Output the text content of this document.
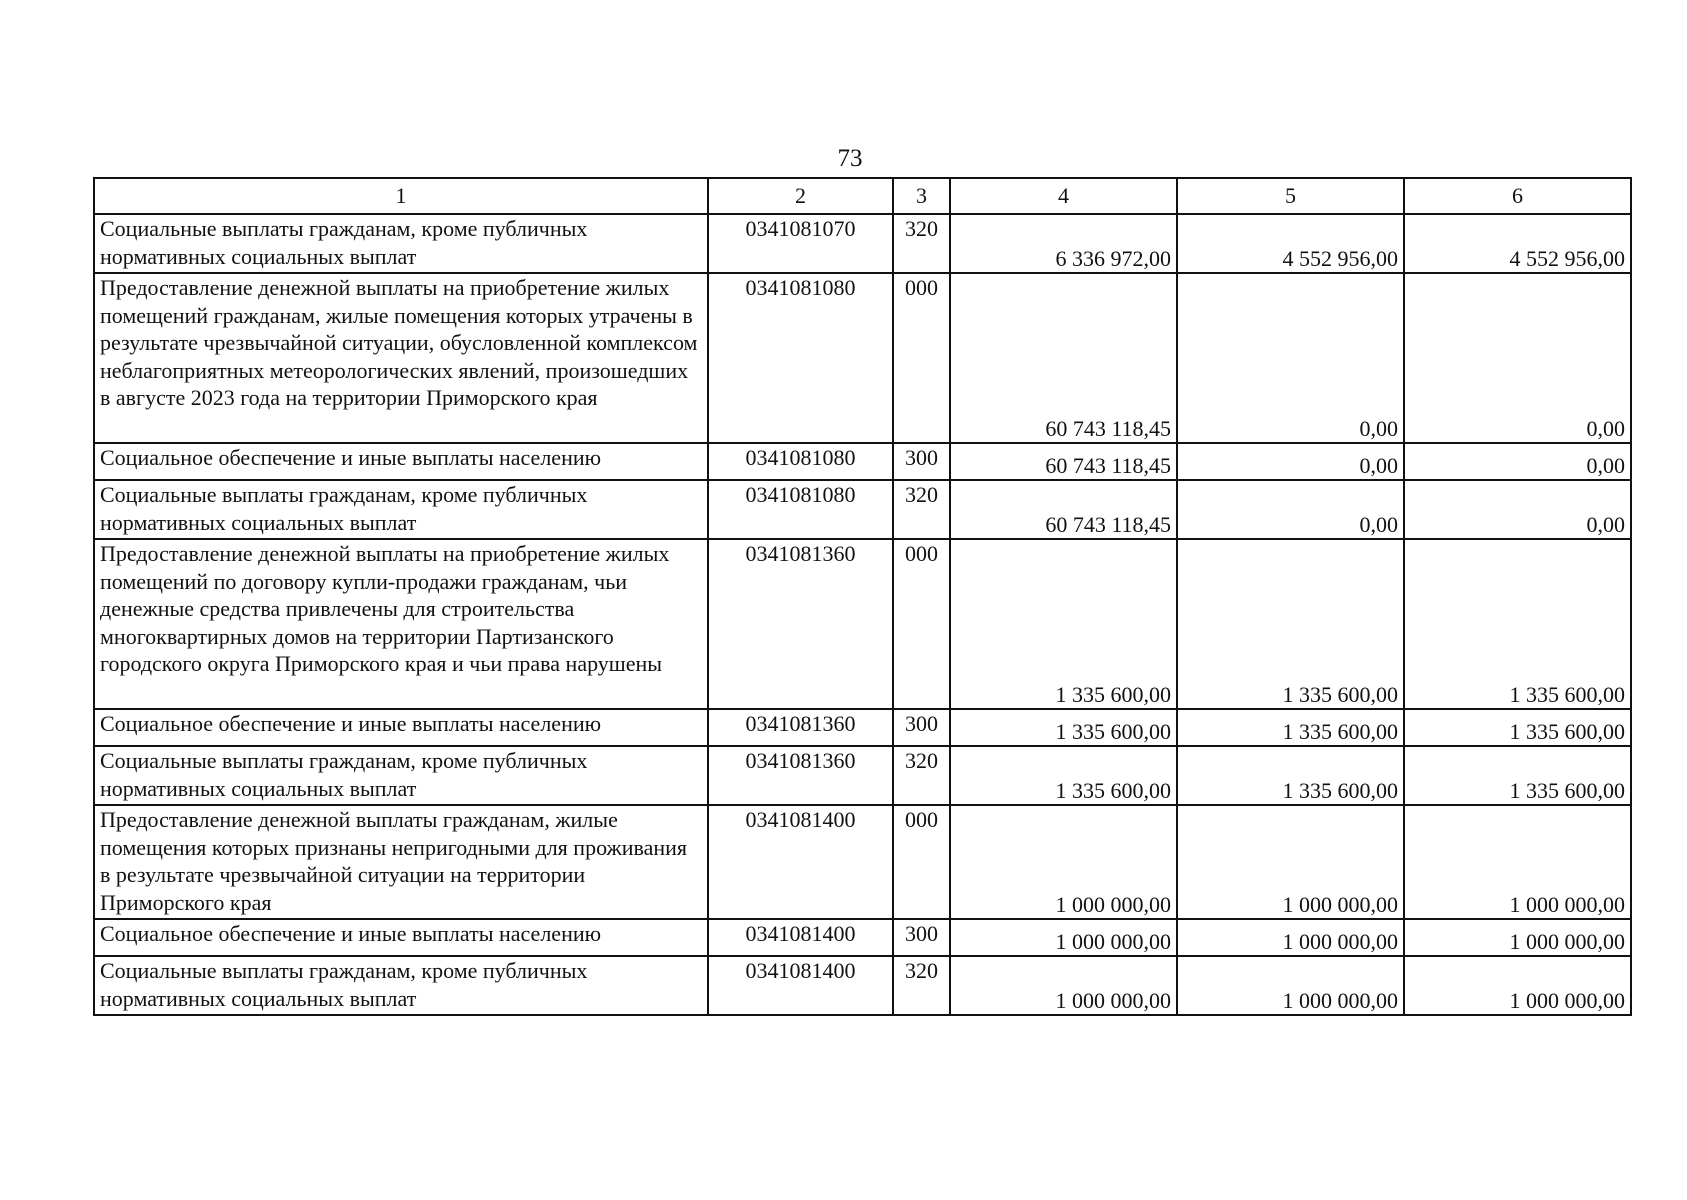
73
1	2	3	4	5	6
Социальные выплаты гражданам, кроме публичных нормативных социальных выплат	0341081070	320	6 336 972,00	4 552 956,00	4 552 956,00
Предоставление денежной выплаты на приобретение жилых помещений гражданам, жилые помещения которых утрачены в результате чрезвычайной ситуации, обусловленной комплексом неблагоприятных метеорологических явлений, произошедших в августе 2023 года на территории Приморского края	0341081080	000	60 743 118,45	0,00	0,00
Социальное обеспечение и иные выплаты населению	0341081080	300	60 743 118,45	0,00	0,00
Социальные выплаты гражданам, кроме публичных нормативных социальных выплат	0341081080	320	60 743 118,45	0,00	0,00
Предоставление денежной выплаты на приобретение жилых помещений по договору купли-продажи гражданам, чьи денежные средства привлечены для строительства многоквартирных домов на территории Партизанского городского округа Приморского края и чьи права нарушены	0341081360	000	1 335 600,00	1 335 600,00	1 335 600,00
Социальное обеспечение и иные выплаты населению	0341081360	300	1 335 600,00	1 335 600,00	1 335 600,00
Социальные выплаты гражданам, кроме публичных нормативных социальных выплат	0341081360	320	1 335 600,00	1 335 600,00	1 335 600,00
Предоставление денежной выплаты гражданам, жилые помещения которых признаны непригодными для проживания в результате чрезвычайной ситуации на территории Приморского края	0341081400	000	1 000 000,00	1 000 000,00	1 000 000,00
Социальное обеспечение и иные выплаты населению	0341081400	300	1 000 000,00	1 000 000,00	1 000 000,00
Социальные выплаты гражданам, кроме публичных нормативных социальных выплат	0341081400	320	1 000 000,00	1 000 000,00	1 000 000,00
